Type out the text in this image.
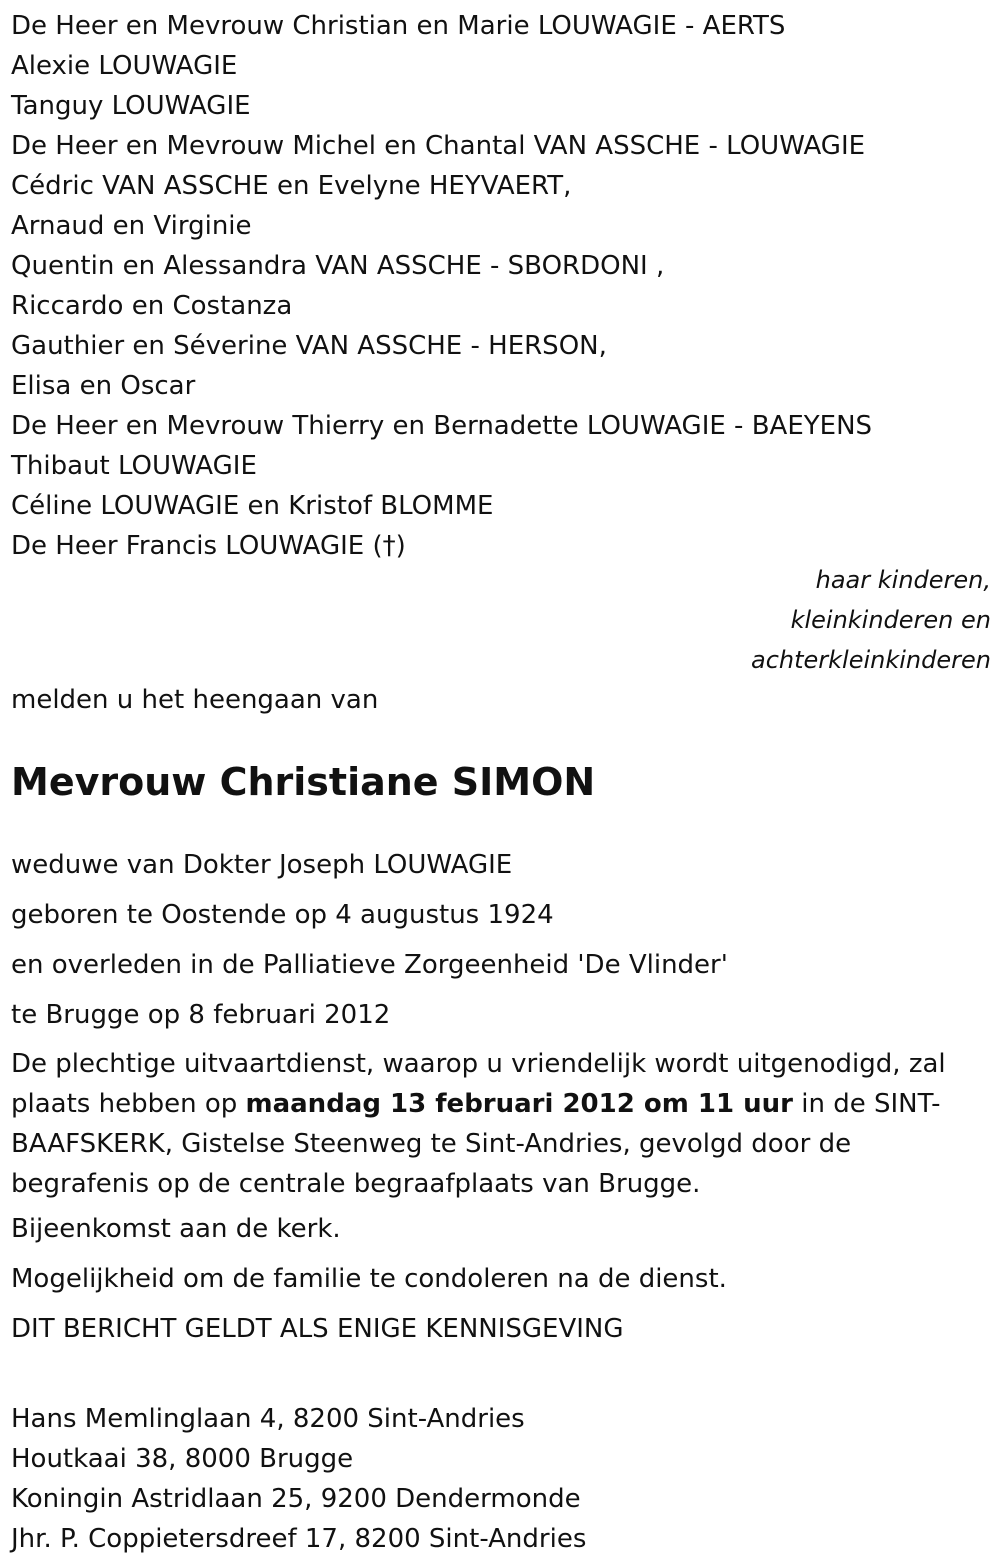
De Heer en Mevrouw Christian en Marie LOUWAGIE - AERTS
Alexie LOUWAGIE
Tanguy LOUWAGIE
De Heer en Mevrouw Michel en Chantal VAN ASSCHE - LOUWAGIE
Cédric VAN ASSCHE en Evelyne HEYVAERT,
Arnaud en Virginie
Quentin en Alessandra VAN ASSCHE - SBORDONI ,
Riccardo en Costanza
Gauthier en Séverine VAN ASSCHE - HERSON,
Elisa en Oscar
De Heer en Mevrouw Thierry en Bernadette LOUWAGIE - BAEYENS
Thibaut LOUWAGIE
Céline LOUWAGIE en Kristof BLOMME
De Heer Francis LOUWAGIE (†)
haar kinderen,
kleinkinderen en
achterkleinkinderen
melden u het heengaan van
Mevrouw Christiane SIMON
weduwe van Dokter Joseph LOUWAGIE
geboren te Oostende op 4 augustus 1924
en overleden in de Palliatieve Zorgeenheid 'De Vlinder'
te Brugge op 8 februari 2012
De plechtige uitvaartdienst, waarop u vriendelijk wordt uitgenodigd, zal plaats hebben op maandag 13 februari 2012 om 11 uur in de SINT-BAAFSKERK, Gistelse Steenweg te Sint-Andries, gevolgd door de begrafenis op de centrale begraafplaats van Brugge.
Bijeenkomst aan de kerk.
Mogelijkheid om de familie te condoleren na de dienst.
DIT BERICHT GELDT ALS ENIGE KENNISGEVING
Hans Memlinglaan 4, 8200 Sint-Andries
Houtkaai 38, 8000 Brugge
Koningin Astridlaan 25, 9200 Dendermonde
Jhr. P. Coppietersdreef 17, 8200 Sint-Andries
